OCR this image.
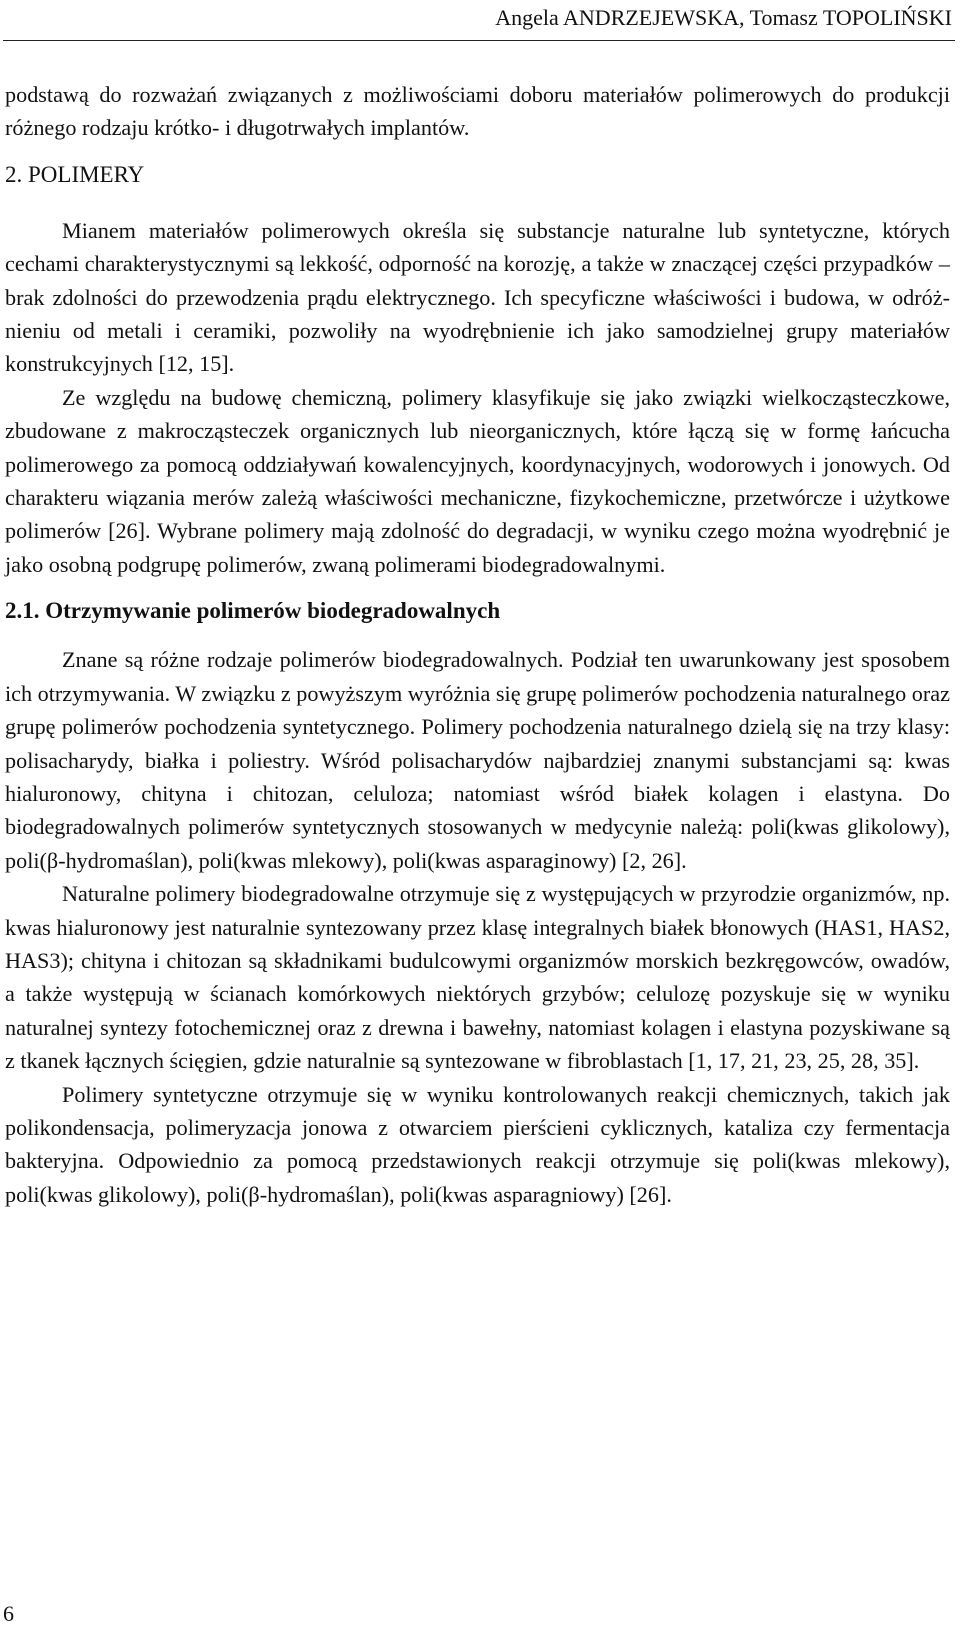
Angela ANDRZEJEWSKA, Tomasz TOPOLIŃSKI

podstawą do rozważań związanych z możliwościami doboru materiałów polimerowych do produkcji różnego rodzaju krótko- i długotrwałych implantów.

2. POLIMERY

Mianem materiałów polimerowych określa się substancje naturalne lub syntetyczne, których cechami charakterystycznymi są lekkość, odporność na korozję, a także w znaczącej części przypadków – brak zdolności do przewodzenia prądu elektrycznego. Ich specyficzne właściwości i budowa, w odróżnieniu od metali i ceramiki, pozwoliły na wyodrębnienie ich jako samodzielnej grupy materiałów konstrukcyjnych [12, 15].

Ze względu na budowę chemiczną, polimery klasyfikuje się jako związki wielkocząsteczkowe, zbudowane z makrocząsteczek organicznych lub nieorganicznych, które łączą się w formę łańcucha polimerowego za pomocą oddziaływań kowalencyjnych, koordynacyjnych, wodorowych i jonowych. Od charakteru wiązania merów zależą właściwości mechaniczne, fizykochemiczne, przetwórcze i użytkowe polimerów [26]. Wybrane polimery mają zdolność do degradacji, w wyniku czego można wyodrębnić je jako osobną podgrupę polimerów, zwaną polimerami biodegradowalnymi.

2.1. Otrzymywanie polimerów biodegradowalnych

Znane są różne rodzaje polimerów biodegradowalnych. Podział ten uwarunkowany jest sposobem ich otrzymywania. W związku z powyższym wyróżnia się grupę polimerów pochodzenia naturalnego oraz grupę polimerów pochodzenia syntetycznego. Polimery pochodzenia naturalnego dzielą się na trzy klasy: polisacharydy, białka i poliestry. Wśród polisacharydów najbardziej znanymi substancjami są: kwas hialuronowy, chityna i chitozan, celuloza; natomiast wśród białek kolagen i elastyna. Do biodegradowalnych polimerów syntetycznych stosowanych w medycynie należą: poli(kwas glikolowy), poli(β-hydromaślan), poli(kwas mlekowy), poli(kwas asparaginowy) [2, 26].

Naturalne polimery biodegradowalne otrzymuje się z występujących w przyrodzie organizmów, np. kwas hialuronowy jest naturalnie syntezowany przez klasę integralnych białek błonowych (HAS1, HAS2, HAS3); chityna i chitozan są składnikami budulcowymi organizmów morskich bezkręgowców, owadów, a także występują w ścianach komórkowych niektórych grzybów; celulozę pozyskuje się w wyniku naturalnej syntezy fotochemicznej oraz z drewna i bawełny, natomiast kolagen i elastyna pozyskiwane są z tkanek łącznych ścięgien, gdzie naturalnie są syntezowane w fibroblastach [1, 17, 21, 23, 25, 28, 35].

Polimery syntetyczne otrzymuje się w wyniku kontrolowanych reakcji chemicznych, takich jak polikondensacja, polimeryzacja jonowa z otwarciem pierścieni cyklicznych, kataliza czy fermentacja bakteryjna. Odpowiednio za pomocą przedstawionych reakcji otrzymuje się poli(kwas mlekowy), poli(kwas glikolowy), poli(β-hydromaślan), poli(kwas asparagniowy) [26].

6
